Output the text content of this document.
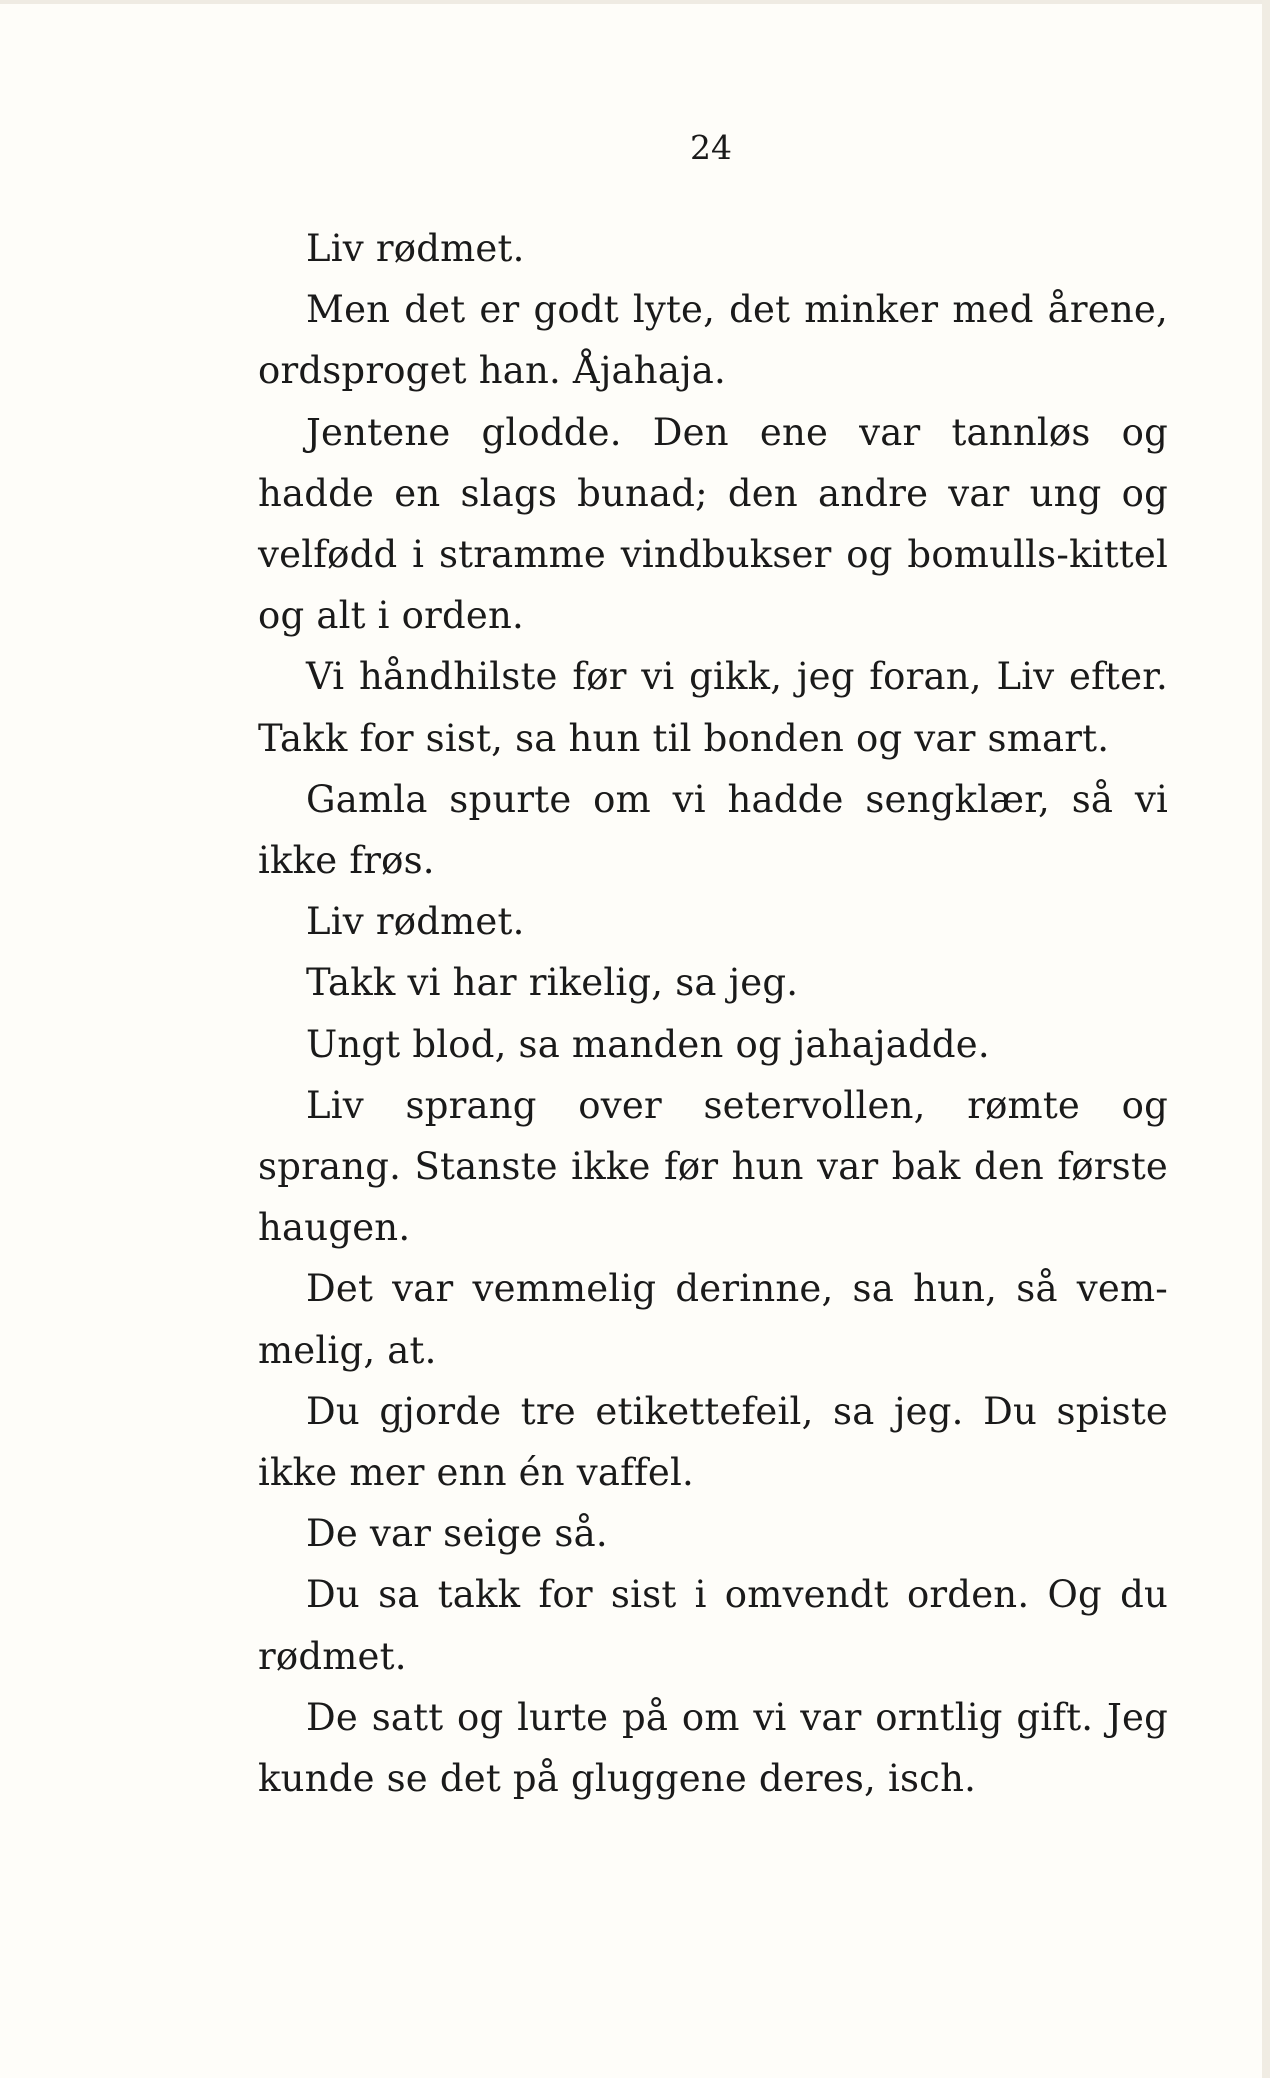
24

Liv rødmet.

Men det er godt lyte, det minker med årene, ordsproget han. Åjahaja.

Jentene glodde. Den ene var tannløs og hadde en slags bunad; den andre var ung og velfødd i stramme vindbukser og bomulls-kittel og alt i orden.

Vi håndhilste før vi gikk, jeg foran, Liv efter. Takk for sist, sa hun til bonden og var smart.

Gamla spurte om vi hadde sengklær, så vi ikke frøs.

Liv rødmet.

Takk vi har rikelig, sa jeg.

Ungt blod, sa manden og jahajadde.

Liv sprang over setervollen, rømte og sprang. Stanste ikke før hun var bak den første haugen.

Det var vemmelig derinne, sa hun, så vem-melig, at.

Du gjorde tre etikettefeil, sa jeg. Du spiste ikke mer enn én vaffel.

De var seige så.

Du sa takk for sist i omvendt orden. Og du rødmet.

De satt og lurte på om vi var orntlig gift. Jeg kunde se det på gluggene deres, isch.
